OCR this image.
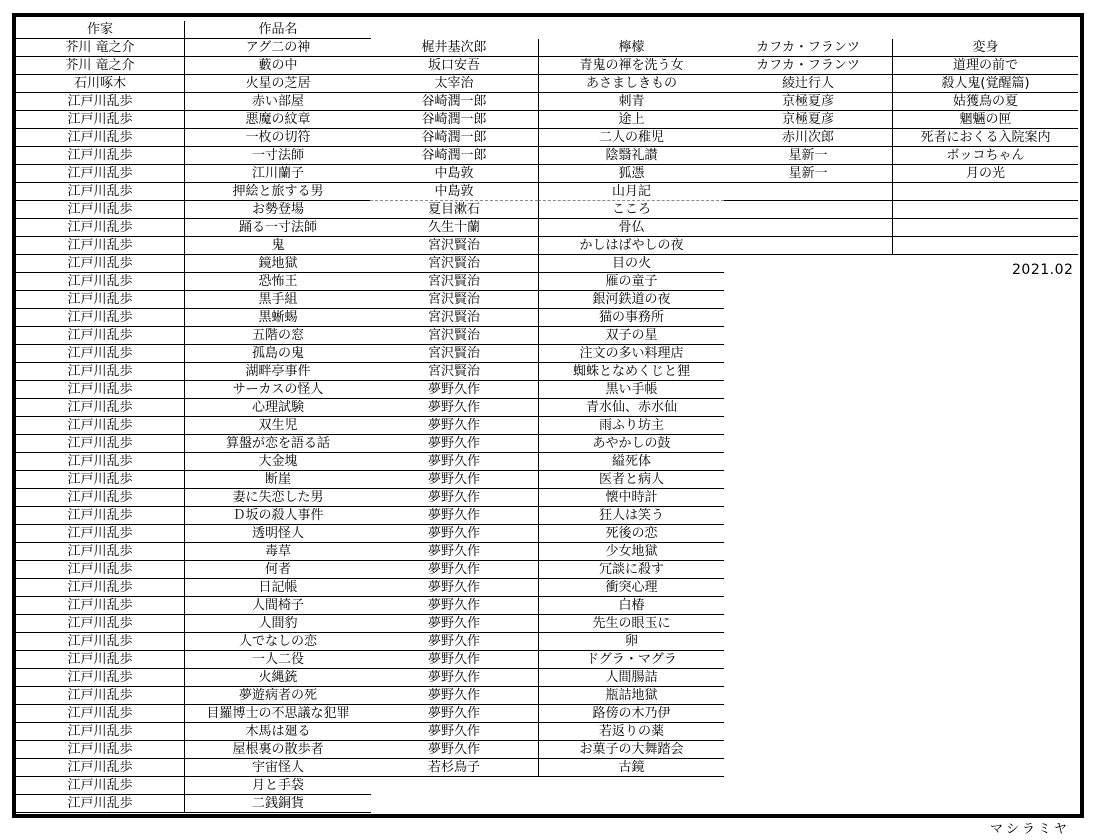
作家	作品名
芥川 竜之介	アグ二の神
芥川 竜之介	藪の中
石川啄木	火星の芝居
江戸川乱歩	赤い部屋
江戸川乱歩	悪魔の紋章
江戸川乱歩	一枚の切符
江戸川乱歩	一寸法師
江戸川乱歩	江川蘭子
江戸川乱歩	押絵と旅する男
江戸川乱歩	お勢登場
江戸川乱歩	踊る一寸法師
江戸川乱歩	鬼
江戸川乱歩	鏡地獄
江戸川乱歩	恐怖王
江戸川乱歩	黒手組
江戸川乱歩	黒蜥蜴
江戸川乱歩	五階の窓
江戸川乱歩	孤島の鬼
江戸川乱歩	湖畔亭事件
江戸川乱歩	サーカスの怪人
江戸川乱歩	心理試験
江戸川乱歩	双生児
江戸川乱歩	算盤が恋を語る話
江戸川乱歩	大金塊
江戸川乱歩	断崖
江戸川乱歩	妻に失恋した男
江戸川乱歩	Ｄ坂の殺人事件
江戸川乱歩	透明怪人
江戸川乱歩	毒草
江戸川乱歩	何者
江戸川乱歩	日記帳
江戸川乱歩	人間椅子
江戸川乱歩	人間豹
江戸川乱歩	人でなしの恋
江戸川乱歩	一人二役
江戸川乱歩	火縄銃
江戸川乱歩	夢遊病者の死
江戸川乱歩	目羅博士の不思議な犯罪
江戸川乱歩	木馬は廻る
江戸川乱歩	屋根裏の散歩者
江戸川乱歩	宇宙怪人
江戸川乱歩	月と手袋
江戸川乱歩	二銭銅貨
梶井基次郎	檸檬
坂口安吾	青鬼の褌を洗う女
太宰治	あさましきもの
谷崎潤一郎	刺青
谷崎潤一郎	途上
谷崎潤一郎	二人の稚児
谷崎潤一郎	陰翳礼讃
中島敦	狐憑
中島敦	山月記
夏目漱石	こころ
久生十蘭	骨仏
宮沢賢治	かしはばやしの夜
宮沢賢治	目の火
宮沢賢治	雁の童子
宮沢賢治	銀河鉄道の夜
宮沢賢治	猫の事務所
宮沢賢治	双子の星
宮沢賢治	注文の多い料理店
宮沢賢治	蜘蛛となめくじと狸
夢野久作	黒い手帳
夢野久作	青水仙、赤水仙
夢野久作	雨ふり坊主
夢野久作	あやかしの鼓
夢野久作	縊死体
夢野久作	医者と病人
夢野久作	懐中時計
夢野久作	狂人は笑う
夢野久作	死後の恋
夢野久作	少女地獄
夢野久作	冗談に殺す
夢野久作	衝突心理
夢野久作	白椿
夢野久作	先生の眼玉に
夢野久作	卵
夢野久作	ドグラ・マグラ
夢野久作	人間腸詰
夢野久作	瓶詰地獄
夢野久作	路傍の木乃伊
夢野久作	若返りの薬
夢野久作	お菓子の大舞踏会
若杉鳥子	古鏡
カフカ・フランツ	変身
カフカ・フランツ	道理の前で
綾辻行人	殺人鬼(覚醒篇)
京極夏彦	姑獲鳥の夏
京極夏彦	魍魎の匣
赤川次郎	死者におくる入院案内
星新一	ボッコちゃん
星新一	月の光
2021.02
マシラミヤ
